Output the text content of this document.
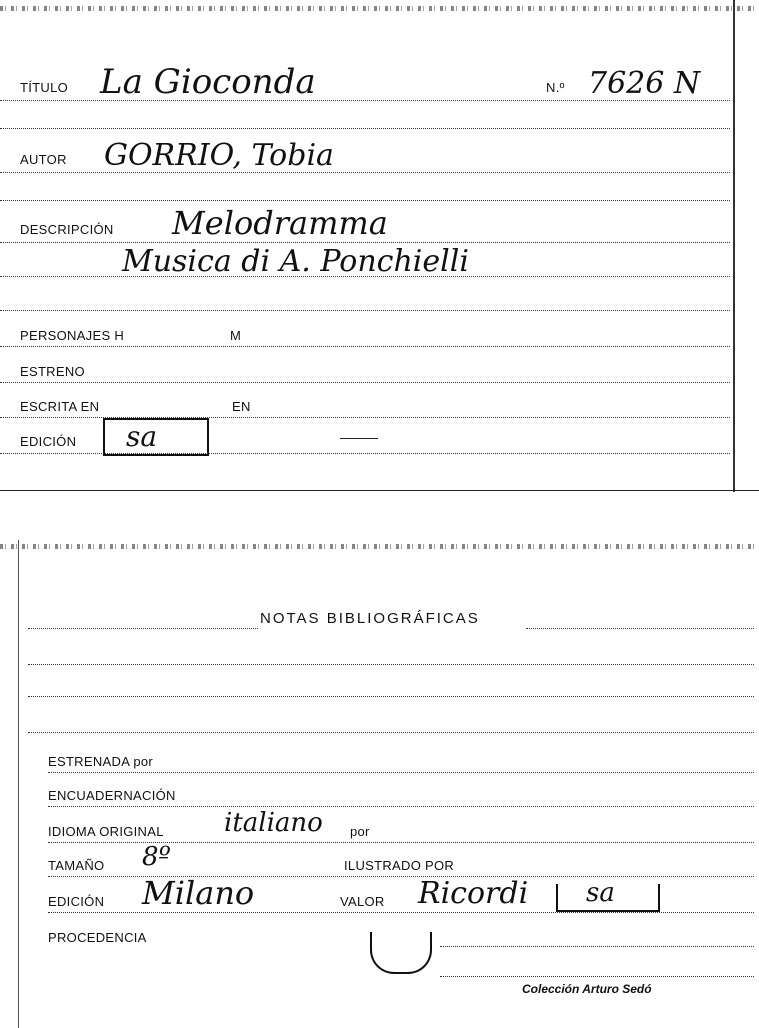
TÍTULO La Gioconda	N.º 7626 N
AUTOR GORRIO, Tobia
DESCRIPCIÓN Melodramma
Musica di A. Ponchielli
PERSONAJES H	M
ESTRENO
ESCRITA EN	EN
EDICIÓN sa
NOTAS BIBLIOGRÁFICAS
ESTRENADA por
ENCUADERNACIÓN
IDIOMA ORIGINAL italiano por
TAMAÑO 8º	ILUSTRADO POR
EDICIÓN Milano	VALOR Ricordi sa
PROCEDENCIA
Colección Arturo Sedó
